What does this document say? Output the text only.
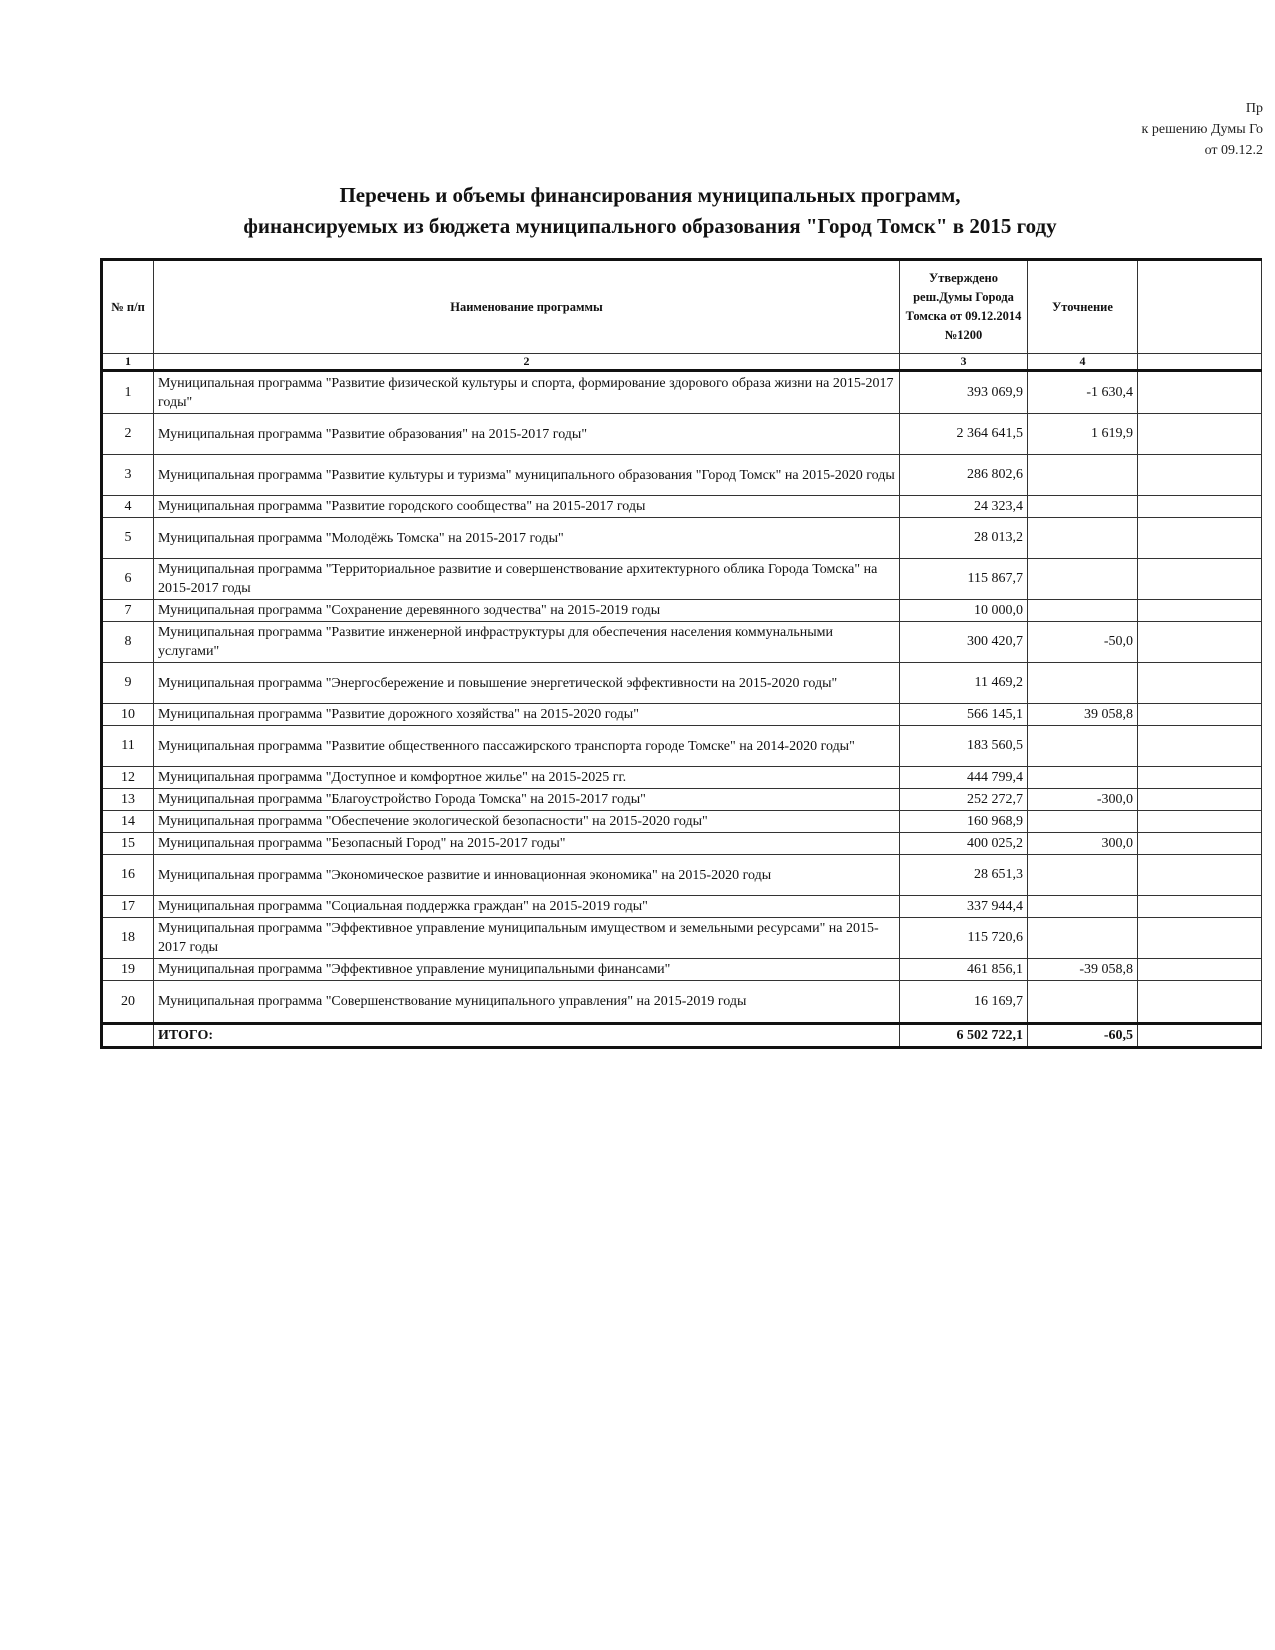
Пр
к решению Думы Го
от 09.12.2
Перечень и объемы финансирования муниципальных программ,
финансируемых из бюджета муниципального образования "Город Томск" в 2015 году
№ п/п	Наименование программы	Утверждено реш.Думы Города Томска от 09.12.2014 №1200	Уточнение	
1	2	3	4	
1	Муниципальная программа "Развитие физической культуры и спорта, формирование здорового образа жизни на 2015-2017 годы"	393 069,9	-1 630,4	
2	Муниципальная программа "Развитие образования" на 2015-2017 годы"	2 364 641,5	1 619,9	
3	Муниципальная программа "Развитие культуры и туризма" муниципального образования "Город Томск" на 2015-2020 годы	286 802,6		
4	Муниципальная программа "Развитие городского сообщества" на 2015-2017 годы	24 323,4		
5	Муниципальная программа "Молодёжь Томска" на 2015-2017 годы"	28 013,2		
6	Муниципальная программа "Территориальное развитие и совершенствование архитектурного облика Города Томска" на 2015-2017 годы	115 867,7		
7	Муниципальная программа "Сохранение деревянного зодчества" на 2015-2019 годы	10 000,0		
8	Муниципальная программа "Развитие инженерной инфраструктуры для обеспечения населения коммунальными услугами"	300 420,7	-50,0	
9	Муниципальная программа "Энергосбережение и повышение энергетической эффективности на 2015-2020 годы"	11 469,2		
10	Муниципальная программа "Развитие дорожного хозяйства" на 2015-2020 годы"	566 145,1	39 058,8	
11	Муниципальная программа "Развитие общественного пассажирского транспорта городе Томске" на 2014-2020 годы"	183 560,5		
12	Муниципальная программа "Доступное и комфортное жилье" на 2015-2025 гг.	444 799,4		
13	Муниципальная программа "Благоустройство Города Томска" на 2015-2017 годы"	252 272,7	-300,0	
14	Муниципальная программа "Обеспечение экологической безопасности" на 2015-2020 годы"	160 968,9		
15	Муниципальная программа "Безопасный Город" на 2015-2017 годы"	400 025,2	300,0	
16	Муниципальная программа "Экономическое развитие и инновационная экономика" на 2015-2020 годы	28 651,3		
17	Муниципальная программа "Социальная поддержка граждан" на 2015-2019 годы"	337 944,4		
18	Муниципальная программа "Эффективное управление муниципальным имуществом и земельными ресурсами" на 2015-2017 годы	115 720,6		
19	Муниципальная программа "Эффективное управление муниципальными финансами"	461 856,1	-39 058,8	
20	Муниципальная программа "Совершенствование муниципального управления" на 2015-2019 годы	16 169,7		
	ИТОГО:	6 502 722,1	-60,5	
